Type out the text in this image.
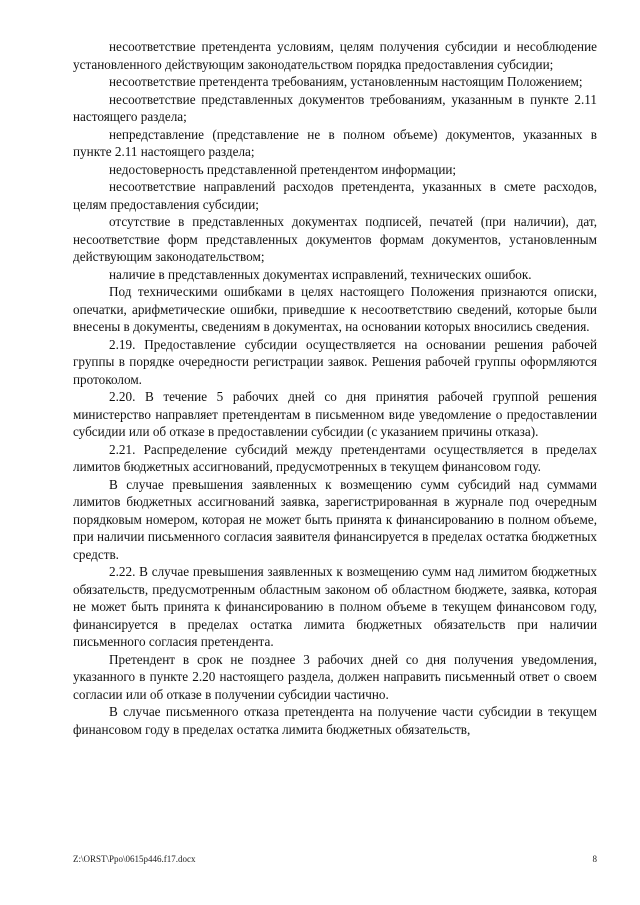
несоответствие претендента условиям, целям получения субсидии и несоблюдение установленного действующим законодательством порядка предоставления субсидии;

несоответствие претендента требованиям, установленным настоящим Положением;

несоответствие представленных документов требованиям, указанным в пункте 2.11 настоящего раздела;

непредставление (представление не в полном объеме) документов, указанных в пункте 2.11 настоящего раздела;

недостоверность представленной претендентом информации;

несоответствие направлений расходов претендента, указанных в смете расходов, целям предоставления субсидии;

отсутствие в представленных документах подписей, печатей (при наличии), дат, несоответствие форм представленных документов формам документов, установленным действующим законодательством;

наличие в представленных документах исправлений, технических ошибок.

Под техническими ошибками в целях настоящего Положения признаются описки, опечатки, арифметические ошибки, приведшие к несоответствию сведений, которые были внесены в документы, сведениям в документах, на основании которых вносились сведения.

2.19. Предоставление субсидии осуществляется на основании решения рабочей группы в порядке очередности регистрации заявок. Решения рабочей группы оформляются протоколом.

2.20. В течение 5 рабочих дней со дня принятия рабочей группой решения министерство направляет претендентам в письменном виде уведомление о предоставлении субсидии или об отказе в предоставлении субсидии (с указанием причины отказа).

2.21. Распределение субсидий между претендентами осуществляется в пределах лимитов бюджетных ассигнований, предусмотренных в текущем финансовом году.

В случае превышения заявленных к возмещению сумм субсидий над суммами лимитов бюджетных ассигнований заявка, зарегистрированная в журнале под очередным порядковым номером, которая не может быть принята к финансированию в полном объеме, при наличии письменного согласия заявителя финансируется в пределах остатка бюджетных средств.

2.22. В случае превышения заявленных к возмещению сумм над лимитом бюджетных обязательств, предусмотренным областным законом об областном бюджете, заявка, которая не может быть принята к финансированию в полном объеме в текущем финансовом году, финансируется в пределах остатка лимита бюджетных обязательств при наличии письменного согласия претендента.

Претендент в срок не позднее 3 рабочих дней со дня получения уведомления, указанного в пункте 2.20 настоящего раздела, должен направить письменный ответ о своем согласии или об отказе в получении субсидии частично.

В случае письменного отказа претендента на получение части субсидии в текущем финансовом году в пределах остатка лимита бюджетных обязательств,

Z:\ORST\Ppo\0615p446.f17.docx	8
